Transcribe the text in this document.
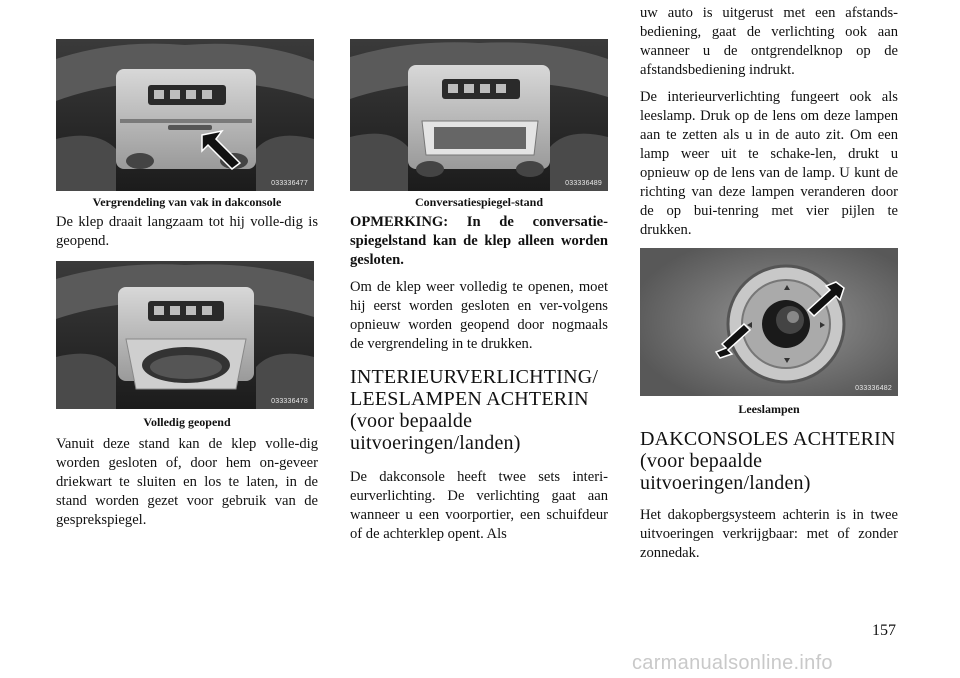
033336477
Vergrendeling van vak in dakconsole

De klep draait langzaam tot hij volle-dig is geopend.

033336478
Volledig geopend

Vanuit deze stand kan de klep volle-dig worden gesloten of, door hem on-geveer driekwart te sluiten en los te laten, in de stand worden gezet voor gebruik van de gesprekspiegel.

033336489
Conversatiespiegel-stand

OPMERKING: In de conversatie-spiegelstand kan de klep alleen worden gesloten.

Om de klep weer volledig te openen, moet hij eerst worden gesloten en ver-volgens opnieuw worden geopend door nogmaals de vergrendeling in te drukken.

INTERIEURVERLICHTING/ LEESLAMPEN ACHTERIN (voor bepaalde uitvoeringen/landen)

De dakconsole heeft twee sets interi-eurverlichting. De verlichting gaat aan wanneer u een voorportier, een schuifdeur of de achterklep opent. Als

uw auto is uitgerust met een afstands-bediening, gaat de verlichting ook aan wanneer u de ontgrendelknop op de afstandsbediening indrukt.

De interieurverlichting fungeert ook als leeslamp. Druk op de lens om deze lampen aan te zetten als u in de auto zit. Om een lamp weer uit te schake-len, drukt u opnieuw op de lens van de lamp. U kunt de richting van deze lampen veranderen door de op bui-tenring met vier pijlen te drukken.

033336482
Leeslampen
DAKCONSOLES ACHTERIN (voor bepaalde uitvoeringen/landen)

Het dakopbergsysteem achterin is in twee uitvoeringen verkrijgbaar: met of zonder zonnedak.

157
carmanualsonline.info
